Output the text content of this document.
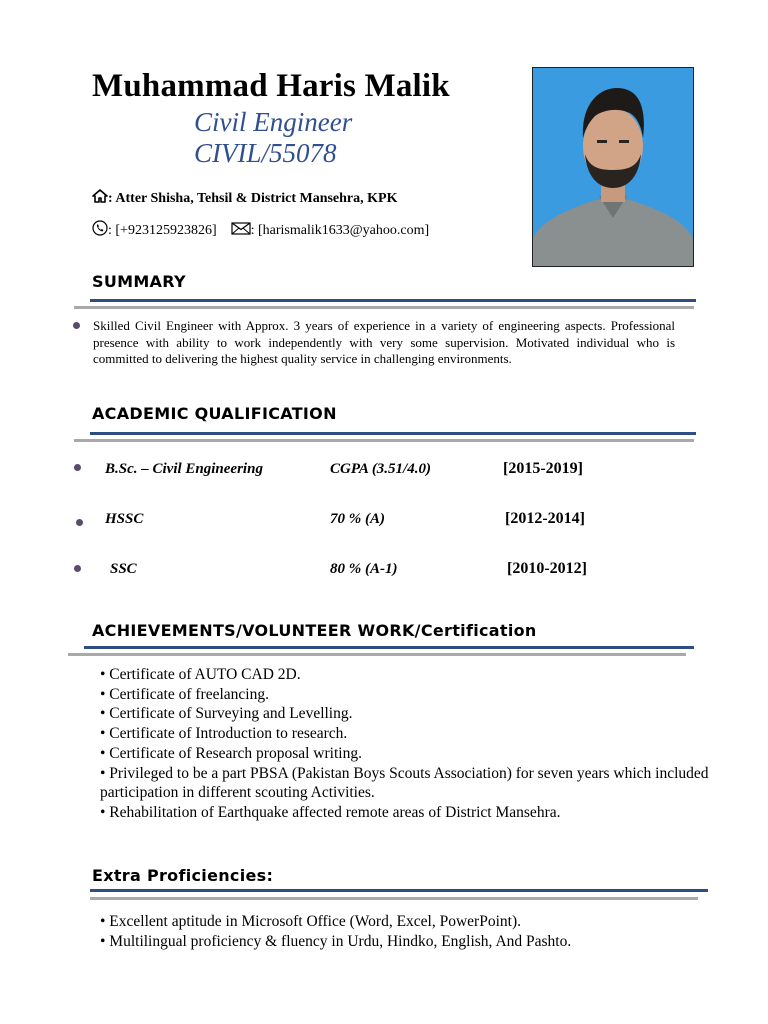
Muhammad Haris Malik
Civil Engineer
CIVIL/55078
: Atter Shisha, Tehsil & District Mansehra, KPK
: [+923125923826] : [harismalik1633@yahoo.com]
SUMMARY
Skilled Civil Engineer with Approx. 3 years of experience in a variety of engineering aspects. Professional presence with ability to work independently with very some supervision. Motivated individual who is committed to delivering the highest quality service in challenging environments.
ACADEMIC QUALIFICATION
B.Sc. – Civil Engineering	CGPA (3.51/4.0)	[2015-2019]
HSSC	70 % (A)	[2012-2014]
SSC	80 % (A-1)	[2010-2012]
ACHIEVEMENTS/VOLUNTEER WORK/Certification
• Certificate of AUTO CAD 2D.
• Certificate of freelancing.
• Certificate of Surveying and Levelling.
• Certificate of Introduction to research.
• Certificate of Research proposal writing.
• Privileged to be a part PBSA (Pakistan Boys Scouts Association) for seven years which included participation in different scouting Activities.
• Rehabilitation of Earthquake affected remote areas of District Mansehra.
Extra Proficiencies:
• Excellent aptitude in Microsoft Office (Word, Excel, PowerPoint).
• Multilingual proficiency & fluency in Urdu, Hindko, English, And Pashto.
